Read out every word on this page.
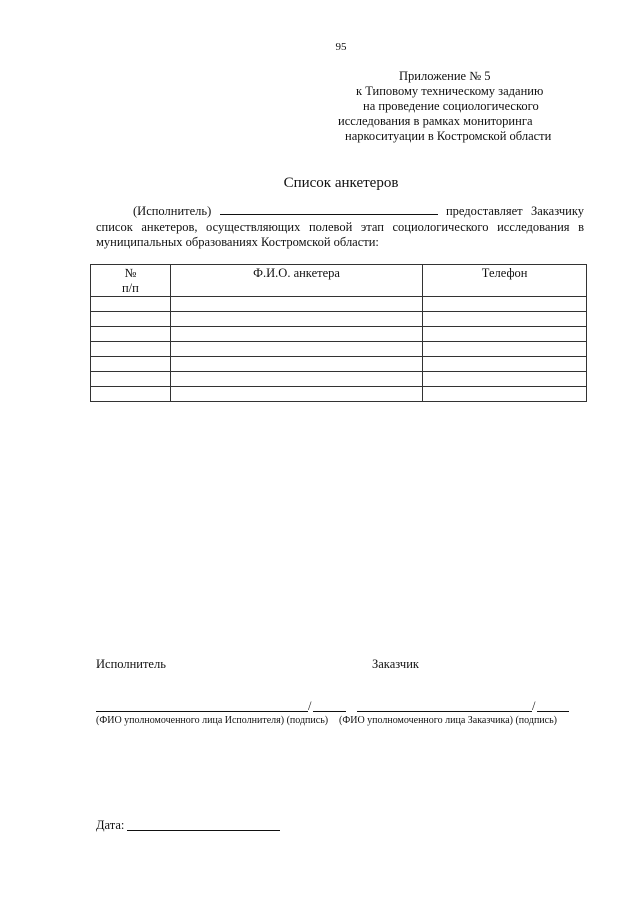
95
Приложение № 5
к Типовому техническому заданию
на проведение социологического
исследования в рамках мониторинга
наркоситуации в Костромской области
Список анкетеров

(Исполнитель)	предоставляет Заказчику

список анкетеров, осуществляющих полевой этап социологического исследования в

муниципальных образованиях Костромской области:

№
п/п	Ф.И.О. анкетера	Телефон

Исполнитель	Заказчик
/	/
(ФИО уполномоченного лица Исполнителя) (подпись) (ФИО уполномоченного лица Заказчика) (подпись)
Дата:
